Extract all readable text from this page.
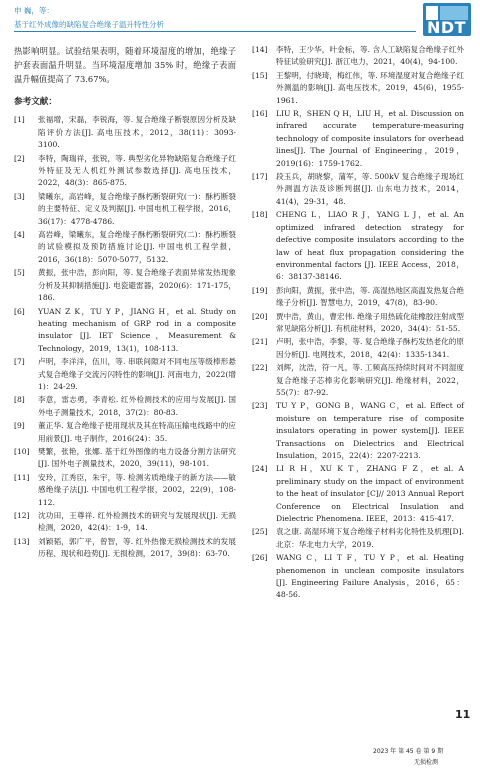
申 巍，等：
基于红外成像的缺陷复合绝缘子温升特性分析	NDT

热影响明显。试验结果表明，随着环境湿度的增加，绝缘子护套表面温升明显。当环境湿度增加 35% 时，绝缘子表面温升幅值提高了 73.67%。

参考文献：
[1]	张福增，宋磊，李锐海，等. 复合绝缘子断裂原因分析及缺陷评价方法[J]. 高电压技术，2012，38(11)：3093-3100.
[2]	李特，陶瑞祥，张锐，等. 典型劣化异物缺陷复合绝缘子红外特征及无人机红外测试参数选择[J]. 高电压技术，2022，48(3)：865-875.
[3]	梁曦东，高岩峰，复合绝缘子酥朽断裂研究(一)：酥朽断裂的主要特征、定义及判据[J]. 中国电机工程学报，2016，36(17)：4778-4786.
[4]	高岩峰，梁曦东，复合绝缘子酥朽断裂研究(二)：酥朽断裂的试验模拟及预防措施讨论[J]. 中国电机工程学报，2016，36(18)：5070-5077，5132.
[5]	黄振，张中浩，彭向阳，等. 复合绝缘子表面异常发热现象分析及其抑制措施[J]. 电瓷避雷器，2020(6)：171-175，186.
[6]	YUAN Z K，TU Y P，JIANG H，et al. Study on heating mechanism of GRP rod in a composite insulator [J]. IET Science，Measurement & Technology，2019，13(1)，108-113.
[7]	卢明，李洋洋，伍川，等. 串联间隙对不同电压等级棒形悬式复合绝缘子交流污闪特性的影响[J]. 河南电力，2022(增 1)：24-29.
[8]	李意，雷志勇，李青松. 红外检测技术的应用与发展[J]. 国外电子测量技术，2018，37(2)：80-83.
[9]	董正华. 复合绝缘子使用现状及其在特高压输电线路中的应用前景[J]. 电子制作，2016(24)：35.
[10]	樊繁，张艳，张娜. 基于红外图像的电力设备分割方法研究[J]. 国外电子测量技术，2020，39(11)，98-101.
[11]	安玲，江秀臣，朱宇，等. 检测劣质绝缘子的新方法——敏感绝缘子法[J]. 中国电机工程学报，2002，22(9)，108-112.
[12]	沈功田，王尊祥. 红外检测技术的研究与发展现状[J]. 无损检测，2020，42(4)：1-9，14.
[13]	刘颖韬，郭广平，曾智，等. 红外热像无损检测技术的发展历程、现状和趋势[J]. 无损检测，2017，39(8)：63-70.
[14]	李特，王少华，叶金标，等. 含人工缺陷复合绝缘子红外特征试验研究[J]. 浙江电力，2021，40(4)，94-100.
[15]	王黎明，付晓琦，梅红伟，等. 环境湿度对复合绝缘子红外测温的影响[J]. 高电压技术，2019，45(6)，1955-1961.
[16]	LIU R，SHEN Q H，LIU H，et al. Discussion on infrared accurate temperature-measuring technology of composite insulators for overhead lines[J]. The Journal of Engineering，2019，2019(16)：1759-1762.
[17]	段玉兵，胡晓黎，蒲军，等. 500kV 复合绝缘子现场红外测温方法及诊断判据[J]. 山东电力技术，2014，41(4)，29-31，48.
[18]	CHENG L，LIAO R J，YANG L J，et al. An optimized infrared detection strategy for defective composite insulators according to the law of heat flux propagation considering the environmental factors [J]. IEEE Access，2018，6：38137-38146.
[19]	彭向阳，黄振，张中浩，等. 高湿热地区高温发热复合绝缘子分析[J]. 智慧电力，2019，47(8)，83-90.
[20]	贾中浩，黄山，曹宏伟. 绝缘子用热硫化硅橡胶注射成型常见缺陷分析[J]. 有机硅材料，2020，34(4)：51-55.
[21]	卢明，张中浩，李黎，等. 复合绝缘子酥朽发热老化的原因分析[J]. 电网技术，2018，42(4)：1335-1341.
[22]	刘辉，沈浩，符一凡，等. 工频高压持续时间对不同湿度复合绝缘子芯棒劣化影响研究[J]. 绝缘材料，2022，55(7)：87-92.
[23]	TU Y P，GONG B，WANG C，et al. Effect of moisture on temperature rise of composite insulators operating in power system[J]. IEEE Transactions on Dielectrics and Electrical Insulation，2015，22(4)：2207-2213.
[24]	LI R H，XU K T，ZHANG F Z，et al. A preliminary study on the impact of environment to the heat of insulator [C]// 2013 Annual Report Conference on Electrical Insulation and Dielectric Phenomena. IEEE，2013：415-417.
[25]	袁之康. 高湿环境下复合绝缘子材料劣化特性及机理[D]. 北京：华北电力大学，2019.
[26]	WANG C，LI T F，TU Y P，et al. Heating phenomenon in unclean composite insulators [J]. Engineering Failure Analysis，2016，65：48-56.
11
2023 年 第 45 卷 第 9 期
无损检测
